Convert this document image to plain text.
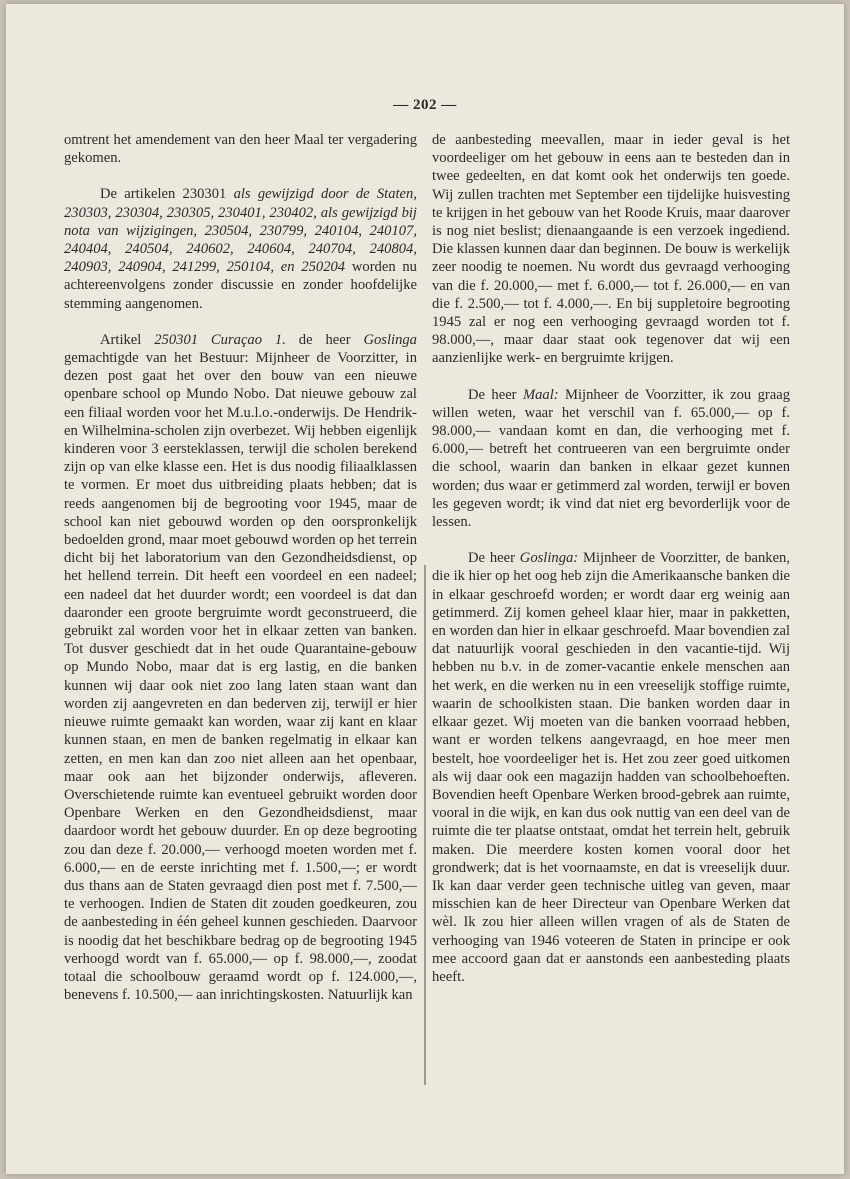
— 202 —

omtrent het amendement van den heer Maal ter vergadering gekomen.

De artikelen 230301 als gewijzigd door de Staten, 230303, 230304, 230305, 230401, 230402, als gewijzigd bij nota van wijzigingen, 230504, 230799, 240104, 240107, 240404, 240504, 240602, 240604, 240704, 240804, 240903, 240904, 241299, 250104, en 250204 worden nu achtereenvolgens zonder discussie en zonder hoofdelijke stemming aangenomen.

Artikel 250301 Curaçao 1. de heer Goslinga gemachtigde van het Bestuur: Mijnheer de Voorzitter, in dezen post gaat het over den bouw van een nieuwe openbare school op Mundo Nobo. Dat nieuwe gebouw zal een filiaal worden voor het M.u.l.o.-onderwijs. De Hendrik- en Wilhelmina-scholen zijn overbezet. Wij hebben eigenlijk kinderen voor 3 eersteklassen, terwijl die scholen berekend zijn op van elke klasse een. Het is dus noodig filiaalklassen te vormen. Er moet dus uitbreiding plaats hebben; dat is reeds aangenomen bij de begrooting voor 1945, maar de school kan niet gebouwd worden op den oorspronkelijk bedoelden grond, maar moet gebouwd worden op het terrein dicht bij het laboratorium van den Gezondheidsdienst, op het hellend terrein. Dit heeft een voordeel en een nadeel; een nadeel dat het duurder wordt; een voordeel is dat dan daaronder een groote bergruimte wordt geconstrueerd, die gebruikt zal worden voor het in elkaar zetten van banken. Tot dusver geschiedt dat in het oude Quarantaine-gebouw op Mundo Nobo, maar dat is erg lastig, en die banken kunnen wij daar ook niet zoo lang laten staan want dan worden zij aangevreten en dan bederven zij, terwijl er hier nieuwe ruimte gemaakt kan worden, waar zij kant en klaar kunnen staan, en men de banken regelmatig in elkaar kan zetten, en men kan dan zoo niet alleen aan het openbaar, maar ook aan het bijzonder onderwijs, afleveren. Overschietende ruimte kan eventueel gebruikt worden door Openbare Werken en den Gezondheidsdienst, maar daardoor wordt het gebouw duurder. En op deze begrooting zou dan deze f. 20.000,— verhoogd moeten worden met f. 6.000,— en de eerste inrichting met f. 1.500,—; er wordt dus thans aan de Staten gevraagd dien post met f. 7.500,— te verhoogen. Indien de Staten dit zouden goedkeuren, zou de aanbesteding in één geheel kunnen geschieden. Daarvoor is noodig dat het beschikbare bedrag op de begrooting 1945 verhoogd wordt van f. 65.000,— op f. 98.000,—, zoodat totaal die schoolbouw geraamd wordt op f. 124.000,—, benevens f. 10.500,— aan inrichtingskosten. Natuurlijk kan

de aanbesteding meevallen, maar in ieder geval is het voordeeliger om het gebouw in eens aan te besteden dan in twee gedeelten, en dat komt ook het onderwijs ten goede. Wij zullen trachten met September een tijdelijke huisvesting te krijgen in het gebouw van het Roode Kruis, maar daarover is nog niet beslist; dienaangaande is een verzoek ingediend. Die klassen kunnen daar dan beginnen. De bouw is werkelijk zeer noodig te noemen. Nu wordt dus gevraagd verhooging van die f. 20.000,— met f. 6.000,— tot f. 26.000,— en van die f. 2.500,— tot f. 4.000,—. En bij suppletoire begrooting 1945 zal er nog een verhooging gevraagd worden tot f. 98.000,—, maar daar staat ook tegenover dat wij een aanzienlijke werk- en bergruimte krijgen.

De heer Maal: Mijnheer de Voorzitter, ik zou graag willen weten, waar het verschil van f. 65.000,— op f. 98.000,— vandaan komt en dan, die verhooging met f. 6.000,— betreft het contrueeren van een bergruimte onder die school, waarin dan banken in elkaar gezet kunnen worden; dus waar er getimmerd zal worden, terwijl er boven les gegeven wordt; ik vind dat niet erg bevorderlijk voor de lessen.

De heer Goslinga: Mijnheer de Voorzitter, de banken, die ik hier op het oog heb zijn die Amerikaansche banken die in elkaar geschroefd worden; er wordt daar erg weinig aan getimmerd. Zij komen geheel klaar hier, maar in pakketten, en worden dan hier in elkaar geschroefd. Maar bovendien zal dat natuurlijk vooral geschieden in den vacantie-tijd. Wij hebben nu b.v. in de zomer-vacantie enkele menschen aan het werk, en die werken nu in een vreeselijk stoffige ruimte, waarin de schoolkisten staan. Die banken worden daar in elkaar gezet. Wij moeten van die banken voorraad hebben, want er worden telkens aangevraagd, en hoe meer men bestelt, hoe voordeeliger het is. Het zou zeer goed uitkomen als wij daar ook een magazijn hadden van schoolbehoeften. Bovendien heeft Openbare Werken brood-gebrek aan ruimte, vooral in die wijk, en kan dus ook nuttig van een deel van de ruimte die ter plaatse ontstaat, omdat het terrein helt, gebruik maken. Die meerdere kosten komen vooral door het grondwerk; dat is het voornaamste, en dat is vreeselijk duur. Ik kan daar verder geen technische uitleg van geven, maar misschien kan de heer Directeur van Openbare Werken dat wèl. Ik zou hier alleen willen vragen of als de Staten de verhooging van 1946 voteeren de Staten in principe er ook mee accoord gaan dat er aanstonds een aanbesteding plaats heeft.
